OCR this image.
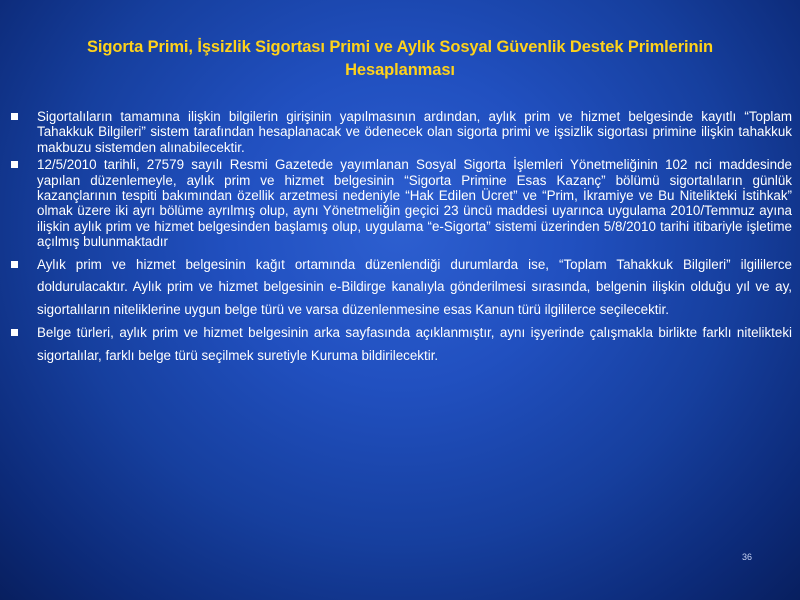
Sigorta Primi, İşsizlik Sigortası Primi ve Aylık Sosyal Güvenlik Destek Primlerinin Hesaplanması
Sigortalıların tamamına ilişkin bilgilerin girişinin yapılmasının ardından, aylık prim ve hizmet belgesinde kayıtlı “Toplam Tahakkuk Bilgileri” sistem tarafından hesaplanacak ve ödenecek olan sigorta primi ve işsizlik sigortası primine ilişkin tahakkuk makbuzu sistemden alınabilecektir.
12/5/2010 tarihli, 27579 sayılı Resmi Gazetede yayımlanan Sosyal Sigorta İşlemleri Yönetmeliğinin 102 nci maddesinde yapılan düzenlemeyle, aylık prim ve hizmet belgesinin “Sigorta Primine Esas Kazanç” bölümü sigortalıların günlük kazançlarının tespiti bakımından özellik arzetmesi nedeniyle “Hak Edilen Ücret” ve “Prim, İkramiye ve Bu Nitelikteki İstihkak” olmak üzere iki ayrı bölüme ayrılmış olup, aynı Yönetmeliğin geçici 23 üncü maddesi uyarınca uygulama 2010/Temmuz ayına ilişkin aylık prim ve hizmet belgesinden başlamış olup, uygulama “e-Sigorta” sistemi üzerinden 5/8/2010 tarihi itibariyle işletime açılmış bulunmaktadır
Aylık prim ve hizmet belgesinin kağıt ortamında düzenlendiği durumlarda ise, “Toplam Tahakkuk Bilgileri” ilgililerce doldurulacaktır. Aylık prim ve hizmet belgesinin e-Bildirge kanalıyla gönderilmesi sırasında, belgenin ilişkin olduğu yıl ve ay, sigortalıların niteliklerine uygun belge türü ve varsa düzenlenmesine esas Kanun türü ilgililerce seçilecektir.
Belge türleri, aylık prim ve hizmet belgesinin arka sayfasında açıklanmıştır, aynı işyerinde çalışmakla birlikte farklı nitelikteki sigortalılar, farklı belge türü seçilmek suretiyle Kuruma bildirilecektir.
36
